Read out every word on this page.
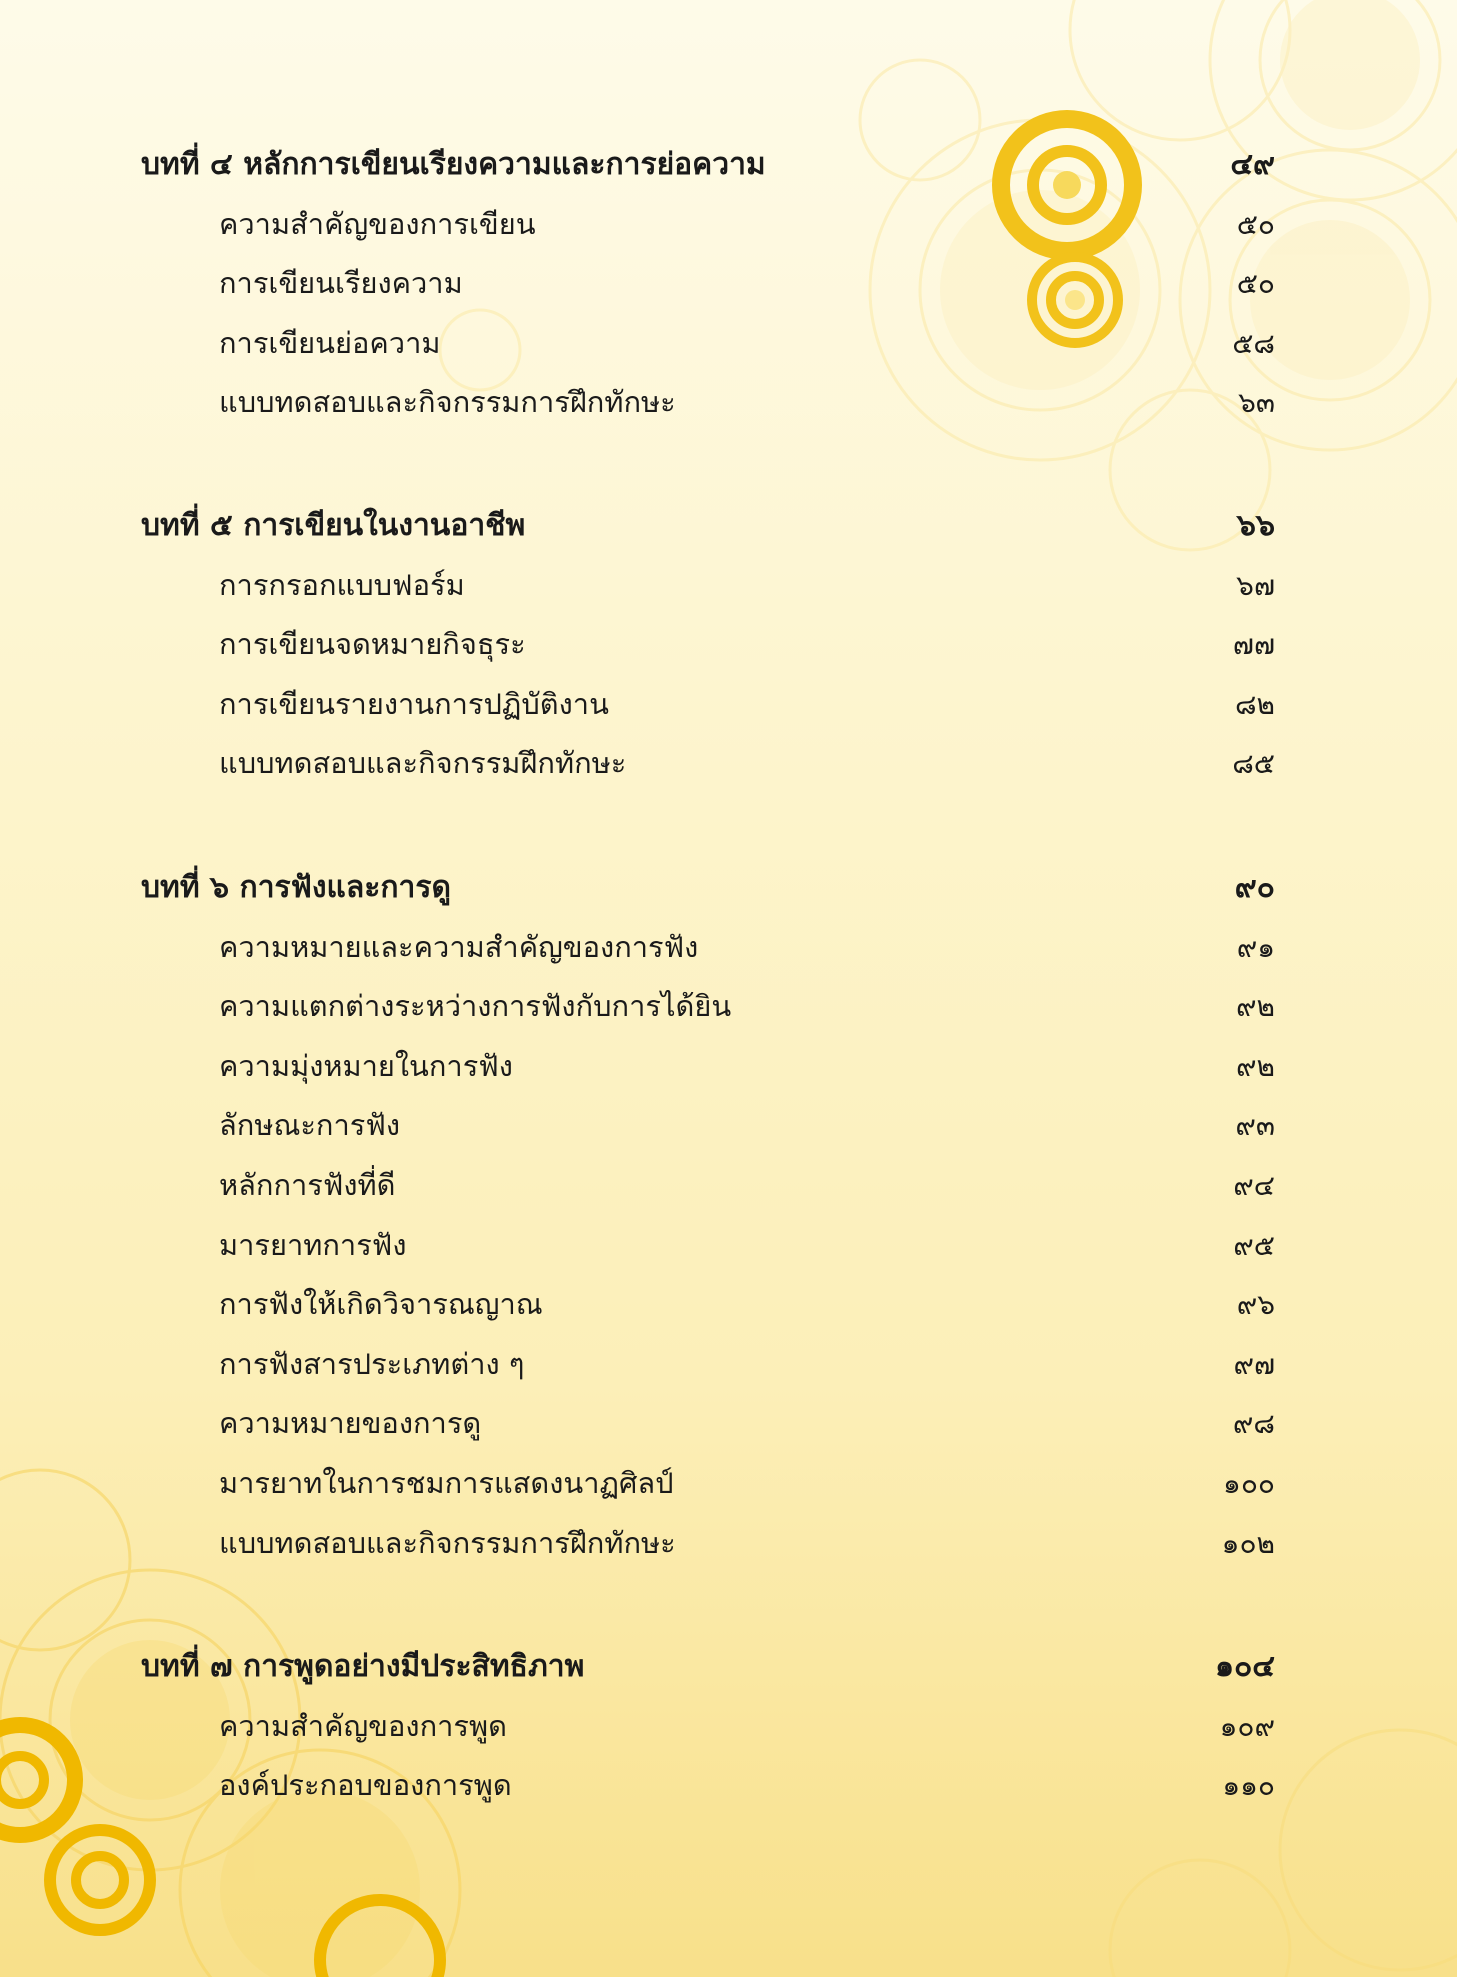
บทที่ ๔ หลักการเขียนเรียงความและการย่อความ	๔๙
ความสำคัญของการเขียน	๕๐
การเขียนเรียงความ	๕๐
การเขียนย่อความ	๕๘
แบบทดสอบและกิจกรรมการฝึกทักษะ	๖๓
บทที่ ๕ การเขียนในงานอาชีพ	๖๖
การกรอกแบบฟอร์ม	๖๗
การเขียนจดหมายกิจธุระ	๗๗
การเขียนรายงานการปฏิบัติงาน	๘๒
แบบทดสอบและกิจกรรมฝึกทักษะ	๘๕
บทที่ ๖ การฟังและการดู	๙๐
ความหมายและความสำคัญของการฟัง	๙๑
ความแตกต่างระหว่างการฟังกับการได้ยิน	๙๒
ความมุ่งหมายในการฟัง	๙๒
ลักษณะการฟัง	๙๓
หลักการฟังที่ดี	๙๔
มารยาทการฟัง	๙๕
การฟังให้เกิดวิจารณญาณ	๙๖
การฟังสารประเภทต่าง ๆ	๙๗
ความหมายของการดู	๙๘
มารยาทในการชมการแสดงนาฏศิลป์	๑๐๐
แบบทดสอบและกิจกรรมการฝึกทักษะ	๑๐๒
บทที่ ๗ การพูดอย่างมีประสิทธิภาพ	๑๐๔
ความสำคัญของการพูด	๑๐๙
องค์ประกอบของการพูด	๑๑๐
